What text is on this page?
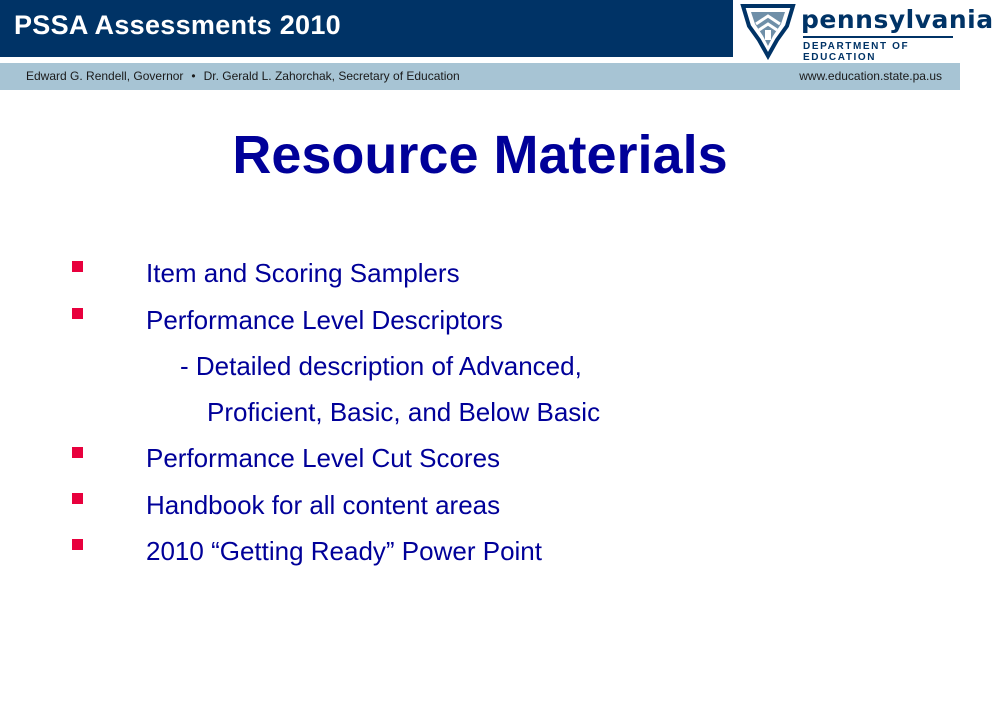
PSSA Assessments 2010	pennsylvania
DEPARTMENT OF EDUCATION
Edward G. Rendell, Governor • Dr. Gerald L. Zahorchak, Secretary of Education	www.education.state.pa.us
Resource Materials
Item and Scoring Samplers
Performance Level Descriptors
- Detailed description of Advanced,
Proficient, Basic, and Below Basic
Performance Level Cut Scores
Handbook for all content areas
2010 “Getting Ready” Power Point
